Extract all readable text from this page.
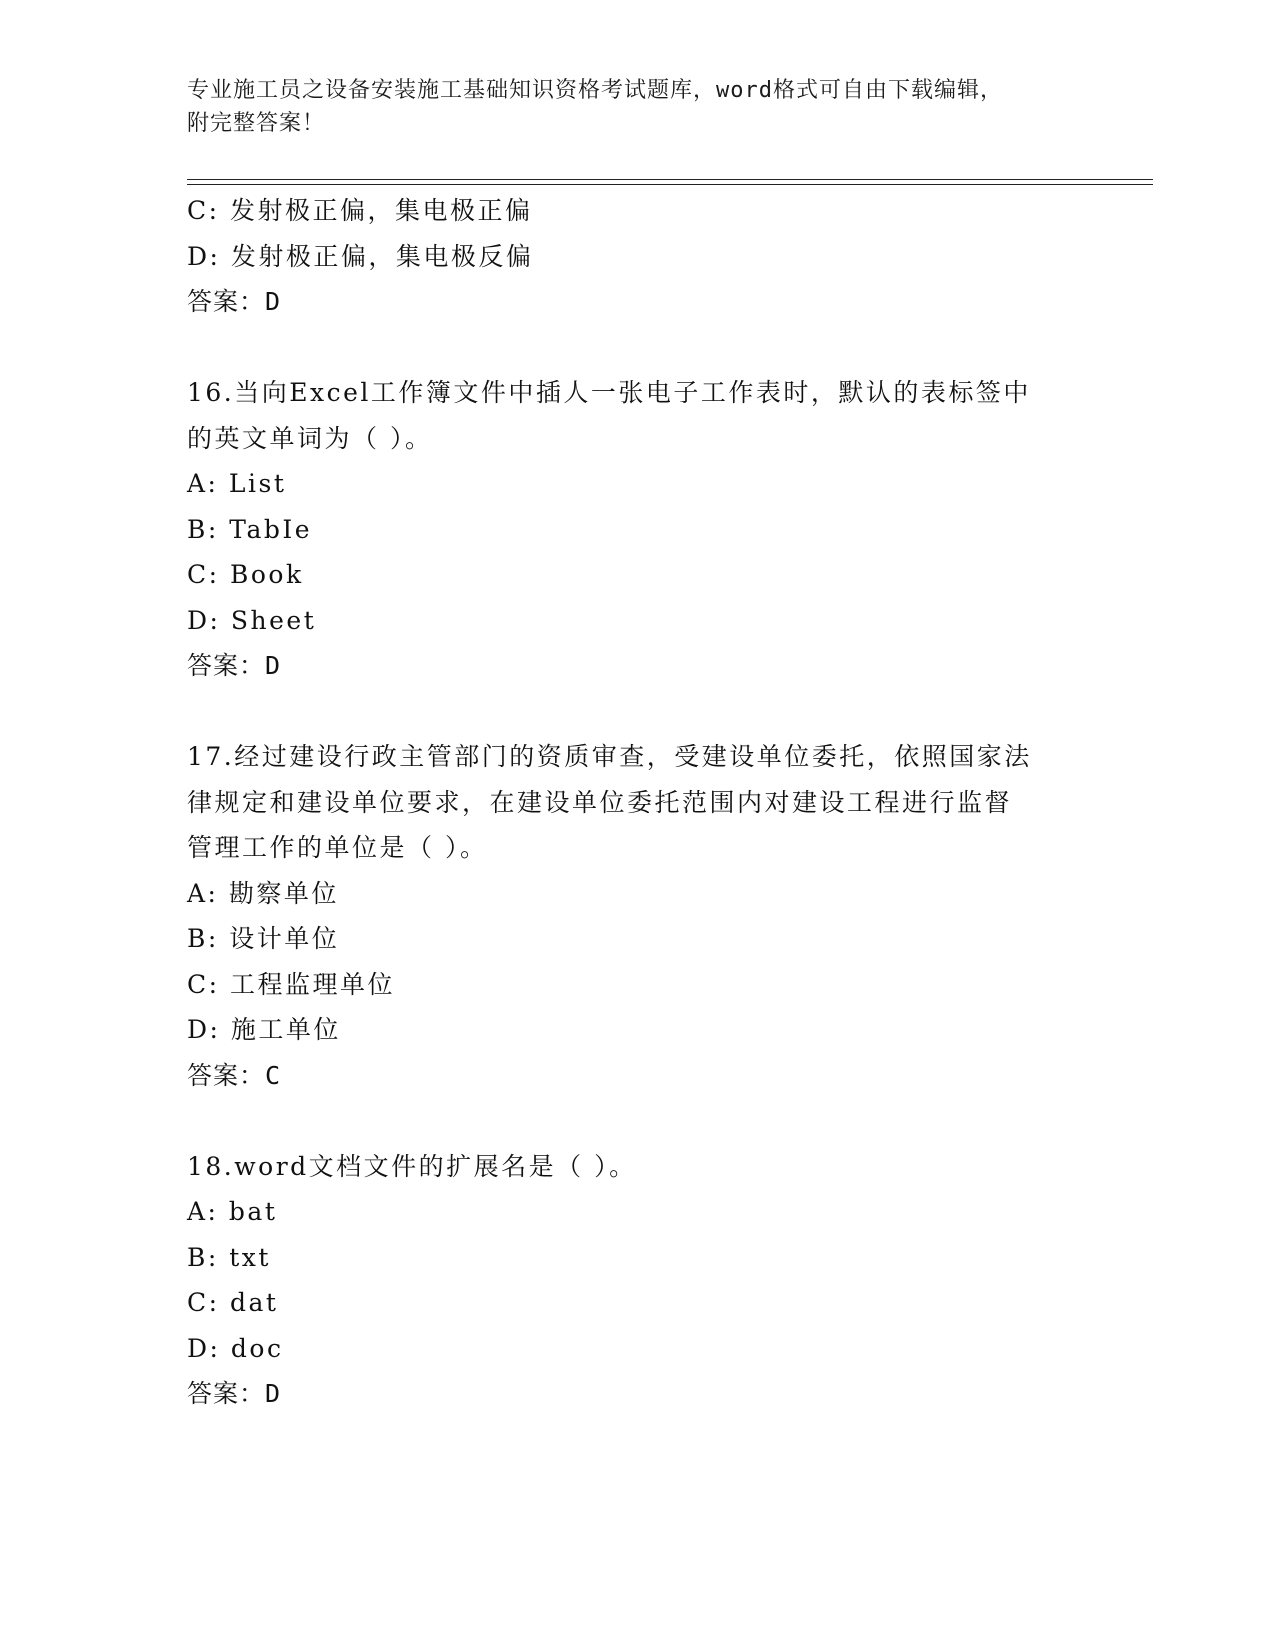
专业施工员之设备安装施工基础知识资格考试题库，word格式可自由下载编辑，
附完整答案！
C: 发射极正偏，集电极正偏
D: 发射极正偏，集电极反偏
答案：D
16.当向Excel工作簿文件中插人一张电子工作表时，默认的表标签中
的英文单词为（ ）。
A: List
B: TabIe
C: Book
D: Sheet
答案：D
17.经过建设行政主管部门的资质审查，受建设单位委托，依照国家法
律规定和建设单位要求，在建设单位委托范围内对建设工程进行监督
管理工作的单位是（ ）。
A: 勘察单位
B: 设计单位
C: 工程监理单位
D: 施工单位
答案：C
18.word文档文件的扩展名是（ ）。
A: bat
B: txt
C: dat
D: doc
答案：D
